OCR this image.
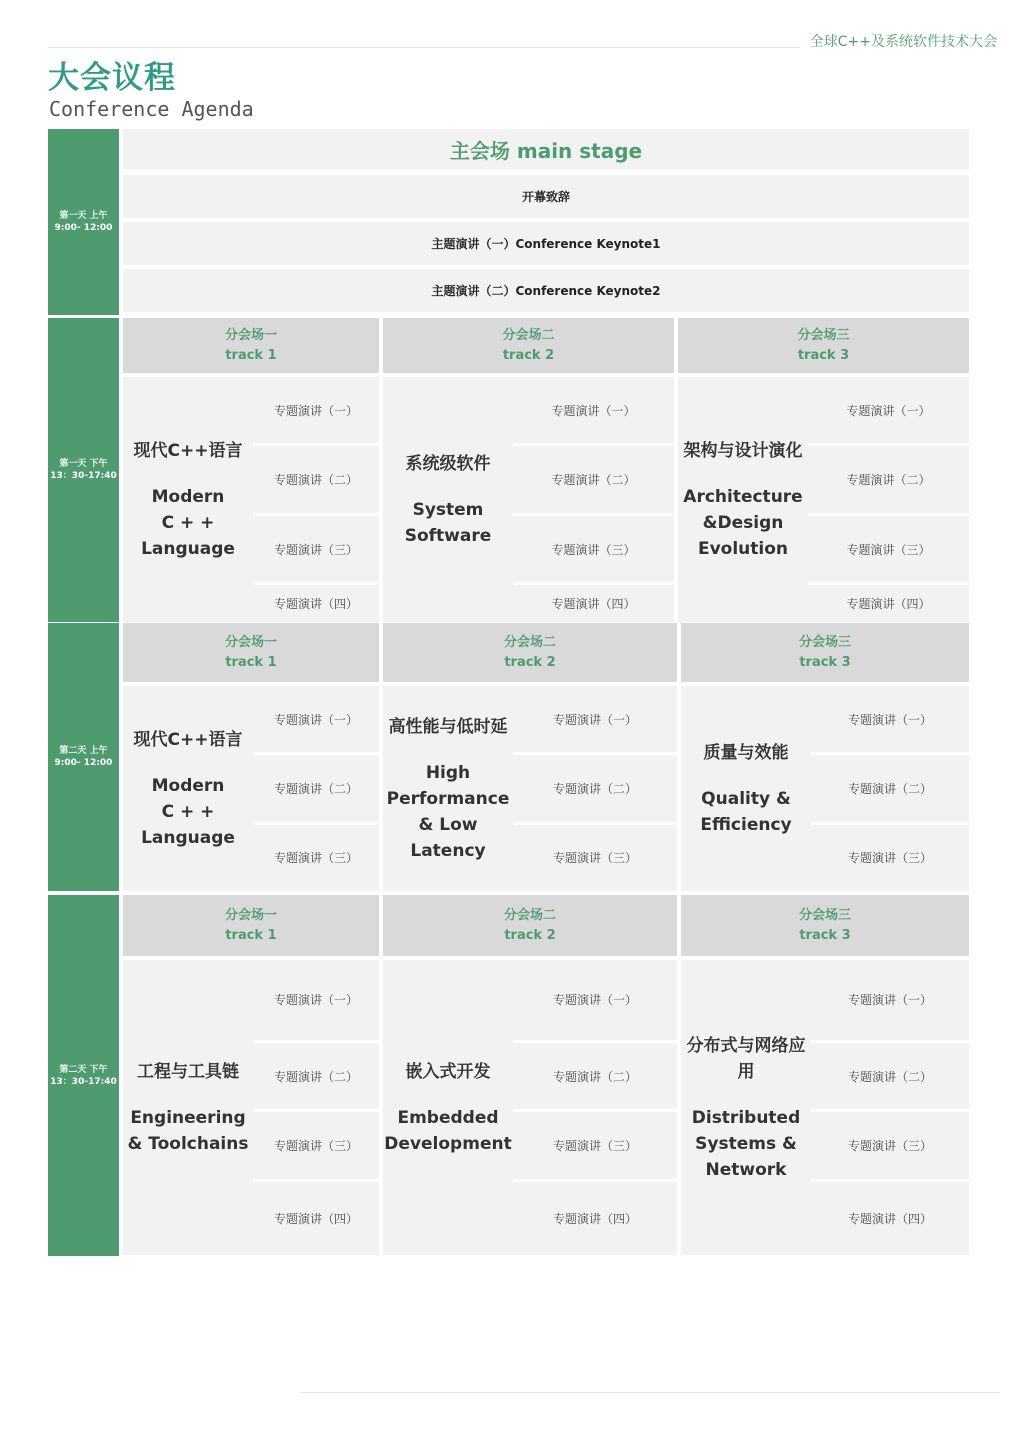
全球C++及系统软件技术大会
大会议程
Conference Agenda
第一天 上午
9:00- 12:00
第一天 下午
13：30-17:40
第二天 上午
9:00- 12:00
第二天 下午
13：30-17:40
主会场 main stage
开幕致辞
主题演讲（一）Conference Keynote1
主题演讲（二）Conference Keynote2
分会场一
track 1
分会场二
track 2
分会场三
track 3
现代C++语言
Modern
C + +
Language
专题演讲（一）
专题演讲（二）
专题演讲（三）
专题演讲（四）
系统级软件
System
Software
专题演讲（一）
专题演讲（二）
专题演讲（三）
专题演讲（四）
架构与设计演化
Architecture
&Design
Evolution
专题演讲（一）
专题演讲（二）
专题演讲（三）
专题演讲（四）
分会场一
track 1
分会场二
track 2
分会场三
track 3
现代C++语言
Modern
C + +
Language
专题演讲（一）
专题演讲（二）
专题演讲（三）
高性能与低时延
High
Performance
& Low
Latency
专题演讲（一）
专题演讲（二）
专题演讲（三）
质量与效能
Quality &
Efficiency
专题演讲（一）
专题演讲（二）
专题演讲（三）
分会场一
track 1
分会场二
track 2
分会场三
track 3
工程与工具链
Engineering
& Toolchains
专题演讲（一）
专题演讲（二）
专题演讲（三）
专题演讲（四）
嵌入式开发
Embedded
Development
专题演讲（一）
专题演讲（二）
专题演讲（三）
专题演讲（四）
分布式与网络应用
Distributed
Systems &
Network
专题演讲（一）
专题演讲（二）
专题演讲（三）
专题演讲（四）
